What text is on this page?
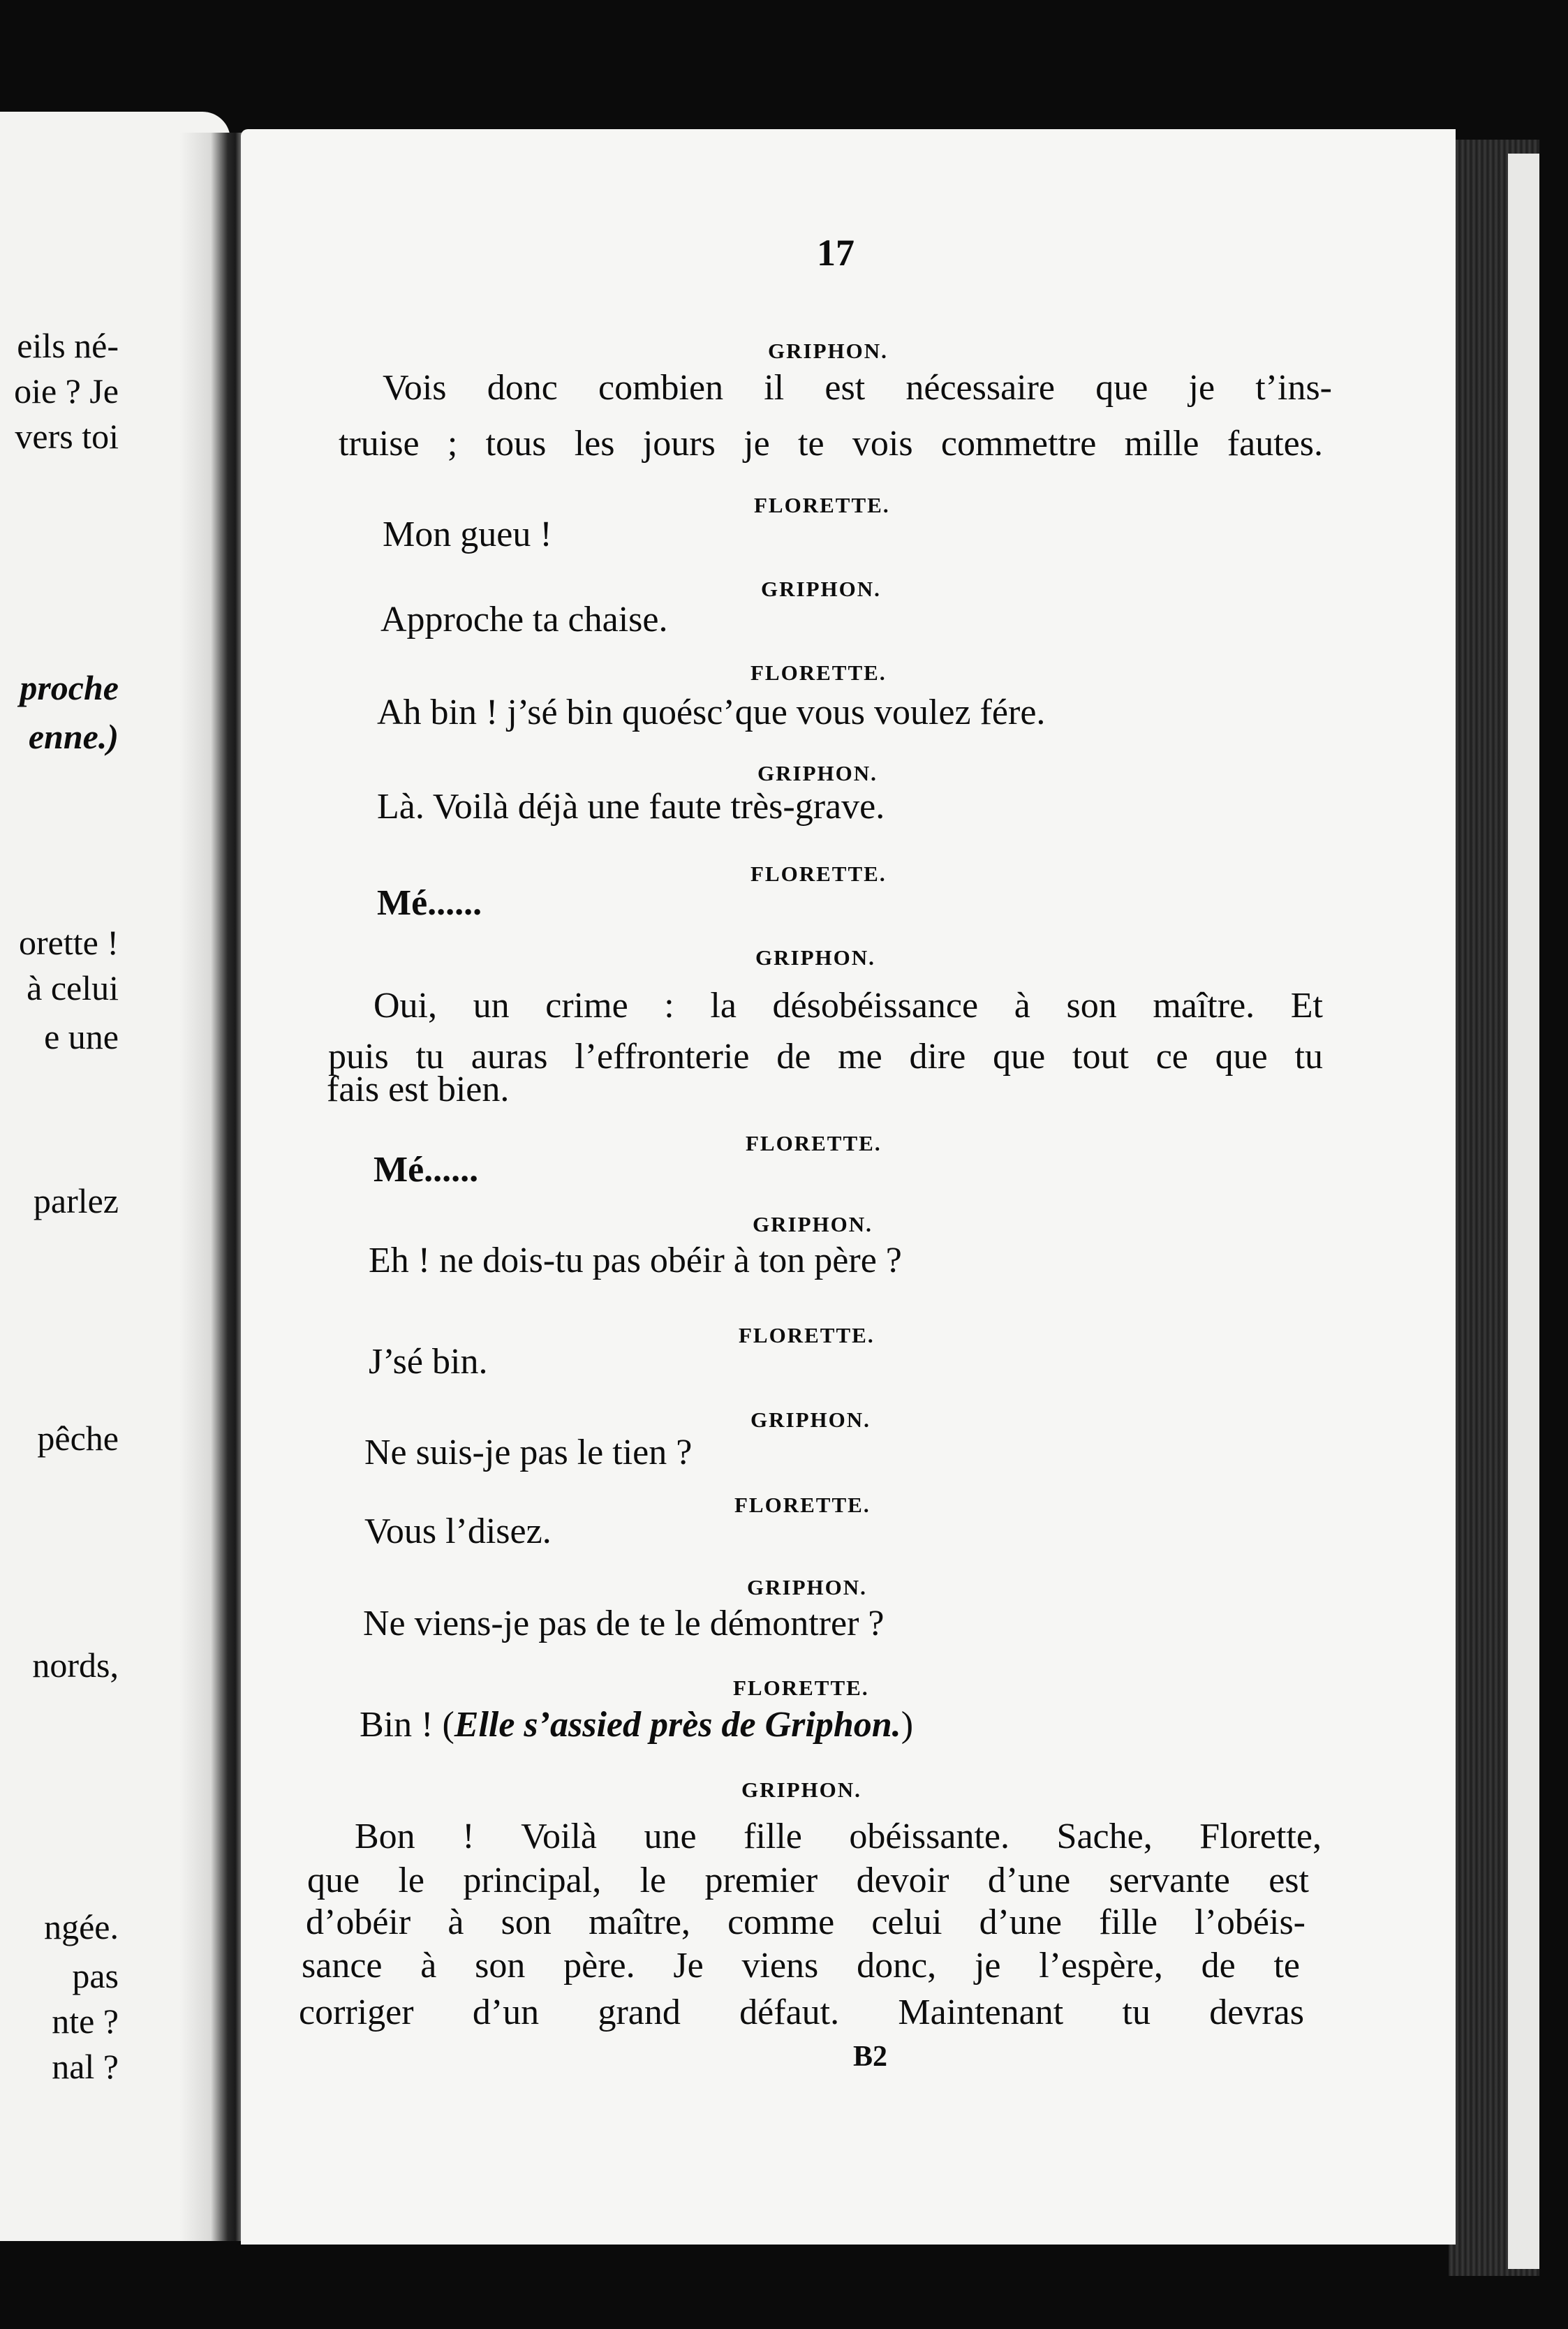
eils né-
oie ? Je
vers toi
proche
enne.)
orette !
à celui
e une
parlez
pêche
nords,
ngée.
pas
nte ?
nal ?
17
GRIPHON.
Vois donc combien il est nécessaire que je t’ins-
truise ; tous les jours je te vois commettre mille fautes.
FLORETTE.
Mon gueu !
GRIPHON.
Approche ta chaise.
FLORETTE.
Ah bin ! j’sé bin quoésc’que vous voulez fére.
GRIPHON.
Là. Voilà déjà une faute très-grave.
FLORETTE.
Mé......
GRIPHON.
Oui, un crime : la désobéissance à son maître. Et
puis tu auras l’effronterie de me dire que tout ce que tu
fais est bien.
FLORETTE.
Mé......
GRIPHON.
Eh ! ne dois-tu pas obéir à ton père ?
FLORETTE.
J’sé bin.
GRIPHON.
Ne suis-je pas le tien ?
FLORETTE.
Vous l’disez.
GRIPHON.
Ne viens-je pas de te le démontrer ?
FLORETTE.
Bin ! (Elle s’assied près de Griphon.)
GRIPHON.
Bon ! Voilà une fille obéissante. Sache, Florette,
que le principal, le premier devoir d’une servante est
d’obéir à son maître, comme celui d’une fille l’obéis-
sance à son père. Je viens donc, je l’espère, de te
corriger d’un grand défaut. Maintenant tu devras
B2
